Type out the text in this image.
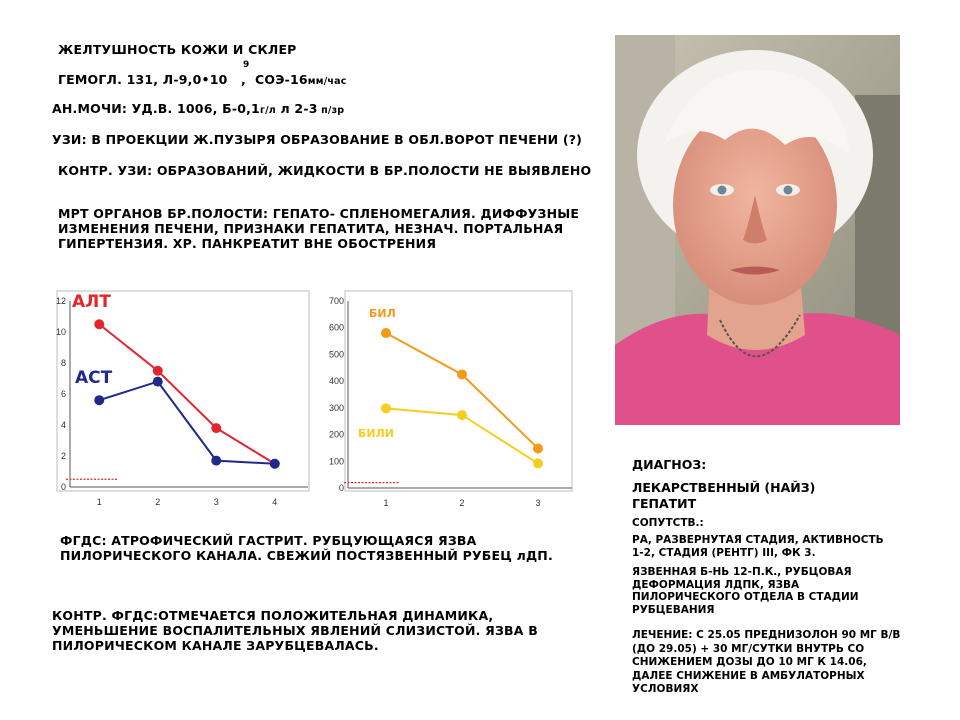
ЖЕЛТУШНОСТЬ КОЖИ И СКЛЕР
ГЕМОГЛ. 131, Л-9,0•10
9
, СОЭ-16мм/час
АН.МОЧИ: УД.В. 1006, Б-0,1г/л л 2-3 п/зр
УЗИ: В ПРОЕКЦИИ Ж.ПУЗЫРЯ ОБРАЗОВАНИЕ В ОБЛ.ВОРОТ ПЕЧЕНИ (?)
КОНТР. УЗИ: ОБРАЗОВАНИЙ, ЖИДКОСТИ В БР.ПОЛОСТИ НЕ ВЫЯВЛЕНО
МРТ ОРГАНОВ БР.ПОЛОСТИ: ГЕПАТО- СПЛЕНОМЕГАЛИЯ. ДИФФУЗНЫЕ ИЗМЕНЕНИЯ ПЕЧЕНИ, ПРИЗНАКИ ГЕПАТИТА, НЕЗНАЧ. ПОРТАЛЬНАЯ ГИПЕРТЕНЗИЯ. ХР. ПАНКРЕАТИТ ВНЕ ОБОСТРЕНИЯ
0
2
4
6
8
10
12
1	2	3	4
АЛТ
АСТ
0
100
200
300
400
500
600
700
1	2	3
БИЛ
БИЛИ
ФГДС: АТРОФИЧЕСКИЙ ГАСТРИТ. РУБЦУЮЩАЯСЯ ЯЗВА ПИЛОРИЧЕСКОГО КАНАЛА. СВЕЖИЙ ПОСТЯЗВЕННЫЙ РУБЕЦ лДП.
КОНТР. ФГДС:ОТМЕЧАЕТСЯ ПОЛОЖИТЕЛЬНАЯ ДИНАМИКА, УМЕНЬШЕНИЕ ВОСПАЛИТЕЛЬНЫХ ЯВЛЕНИЙ СЛИЗИСТОЙ. ЯЗВА В ПИЛОРИЧЕСКОМ КАНАЛЕ ЗАРУБЦЕВАЛАСЬ.
ДИАГНОЗ:
ЛЕКАРСТВЕННЫЙ (НАЙЗ) ГЕПАТИТ
СОПУТСТВ.:
РА, РАЗВЕРНУТАЯ СТАДИЯ, АКТИВНОСТЬ 1-2, СТАДИЯ (РЕНТГ) III, ФК 3.
ЯЗВЕННАЯ Б-НЬ 12-П.К., РУБЦОВАЯ ДЕФОРМАЦИЯ ЛДПК, ЯЗВА ПИЛОРИЧЕСКОГО ОТДЕЛА В СТАДИИ РУБЦЕВАНИЯ
ЛЕЧЕНИЕ: С 25.05 ПРЕДНИЗОЛОН 90 МГ В/В (ДО 29.05) + 30 МГ/СУТКИ ВНУТРЬ СО СНИЖЕНИЕМ ДОЗЫ ДО 10 МГ К 14.06, ДАЛЕЕ СНИЖЕНИЕ В АМБУЛАТОРНЫХ УСЛОВИЯХ
